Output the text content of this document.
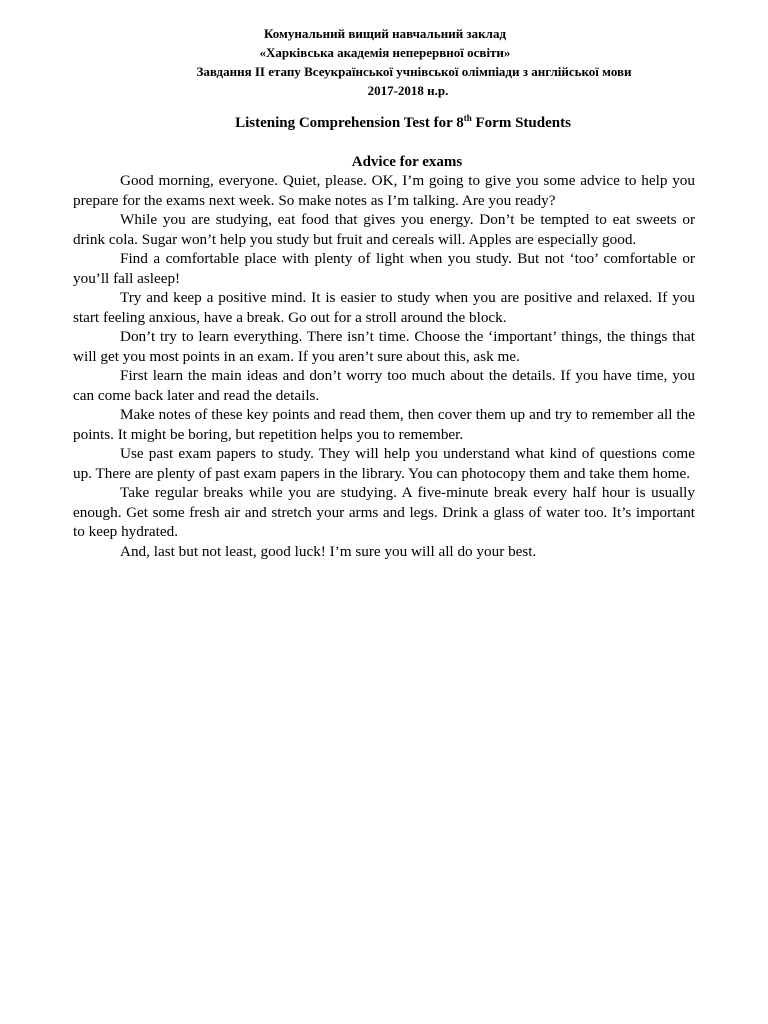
Комунальний вищий навчальний заклад
«Харківська академія неперервної освіти»
Завдання ІІ етапу Всеукраїнської учнівської олімпіади з англійської мови
2017-2018 н.р.
Listening Comprehension Test for 8th Form Students
Advice for exams

Good morning, everyone. Quiet, please. OK, I’m going to give you some advice to help you prepare for the exams next week. So make notes as I’m talking. Are you ready?

While you are studying, eat food that gives you energy. Don’t be tempted to eat sweets or drink cola. Sugar won’t help you study but fruit and cereals will. Apples are especially good.

Find a comfortable place with plenty of light when you study. But not ‘too’ comfortable or you’ll fall asleep!

Try and keep a positive mind. It is easier to study when you are positive and relaxed. If you start feeling anxious, have a break. Go out for a stroll around the block.

Don’t try to learn everything. There isn’t time. Choose the ‘important’ things, the things that will get you most points in an exam. If you aren’t sure about this, ask me.

First learn the main ideas and don’t worry too much about the details. If you have time, you can come back later and read the details.

Make notes of these key points and read them, then cover them up and try to remember all the points. It might be boring, but repetition helps you to remember.

Use past exam papers to study. They will help you understand what kind of questions come up. There are plenty of past exam papers in the library. You can photocopy them and take them home.

Take regular breaks while you are studying. A five-minute break every half hour is usually enough. Get some fresh air and stretch your arms and legs. Drink a glass of water too. It’s important to keep hydrated.

And, last but not least, good luck! I’m sure you will all do your best.
